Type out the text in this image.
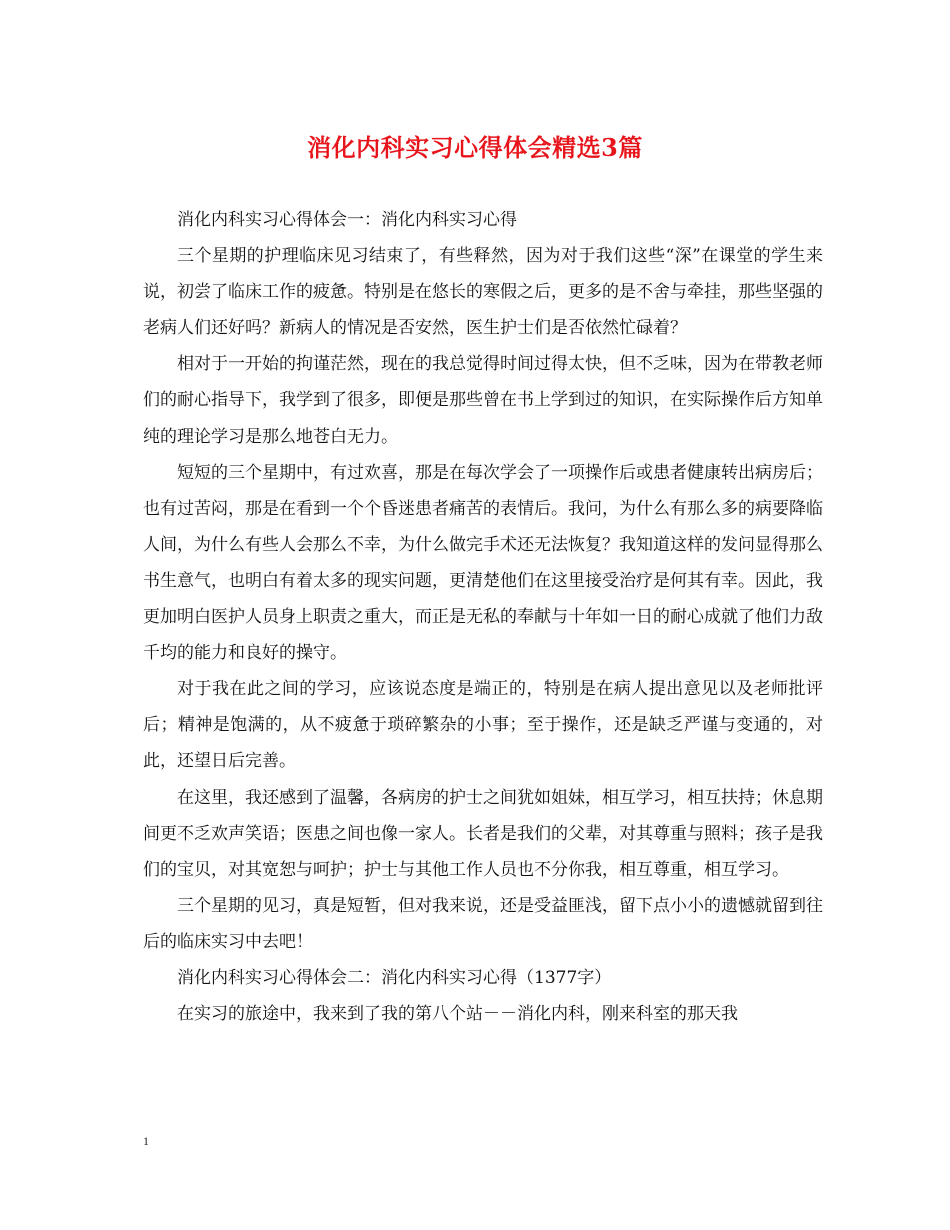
消化内科实习心得体会精选3篇

消化内科实习心得体会一：消化内科实习心得

三个星期的护理临床见习结束了，有些释然，因为对于我们这些“深”在课堂的学生来说，初尝了临床工作的疲惫。特别是在悠长的寒假之后，更多的是不舍与牵挂，那些坚强的老病人们还好吗？新病人的情况是否安然，医生护士们是否依然忙碌着？

相对于一开始的拘谨茫然，现在的我总觉得时间过得太快，但不乏味，因为在带教老师们的耐心指导下，我学到了很多，即便是那些曾在书上学到过的知识，在实际操作后方知单纯的理论学习是那么地苍白无力。

短短的三个星期中，有过欢喜，那是在每次学会了一项操作后或患者健康转出病房后；也有过苦闷，那是在看到一个个昏迷患者痛苦的表情后。我问，为什么有那么多的病要降临人间，为什么有些人会那么不幸，为什么做完手术还无法恢复？我知道这样的发问显得那么书生意气，也明白有着太多的现实问题，更清楚他们在这里接受治疗是何其有幸。因此，我更加明白医护人员身上职责之重大，而正是无私的奉献与十年如一日的耐心成就了他们力敌千均的能力和良好的操守。

对于我在此之间的学习，应该说态度是端正的，特别是在病人提出意见以及老师批评后；精神是饱满的，从不疲惫于琐碎繁杂的小事；至于操作，还是缺乏严谨与变通的，对此，还望日后完善。

在这里，我还感到了温馨，各病房的护士之间犹如姐妹，相互学习，相互扶持；休息期间更不乏欢声笑语；医患之间也像一家人。长者是我们的父辈，对其尊重与照料；孩子是我们的宝贝，对其宽恕与呵护；护士与其他工作人员也不分你我，相互尊重，相互学习。

三个星期的见习，真是短暂，但对我来说，还是受益匪浅，留下点小小的遗憾就留到往后的临床实习中去吧！

消化内科实习心得体会二：消化内科实习心得（1377字）

在实习的旅途中，我来到了我的第八个站－－消化内科，刚来科室的那天我

1
